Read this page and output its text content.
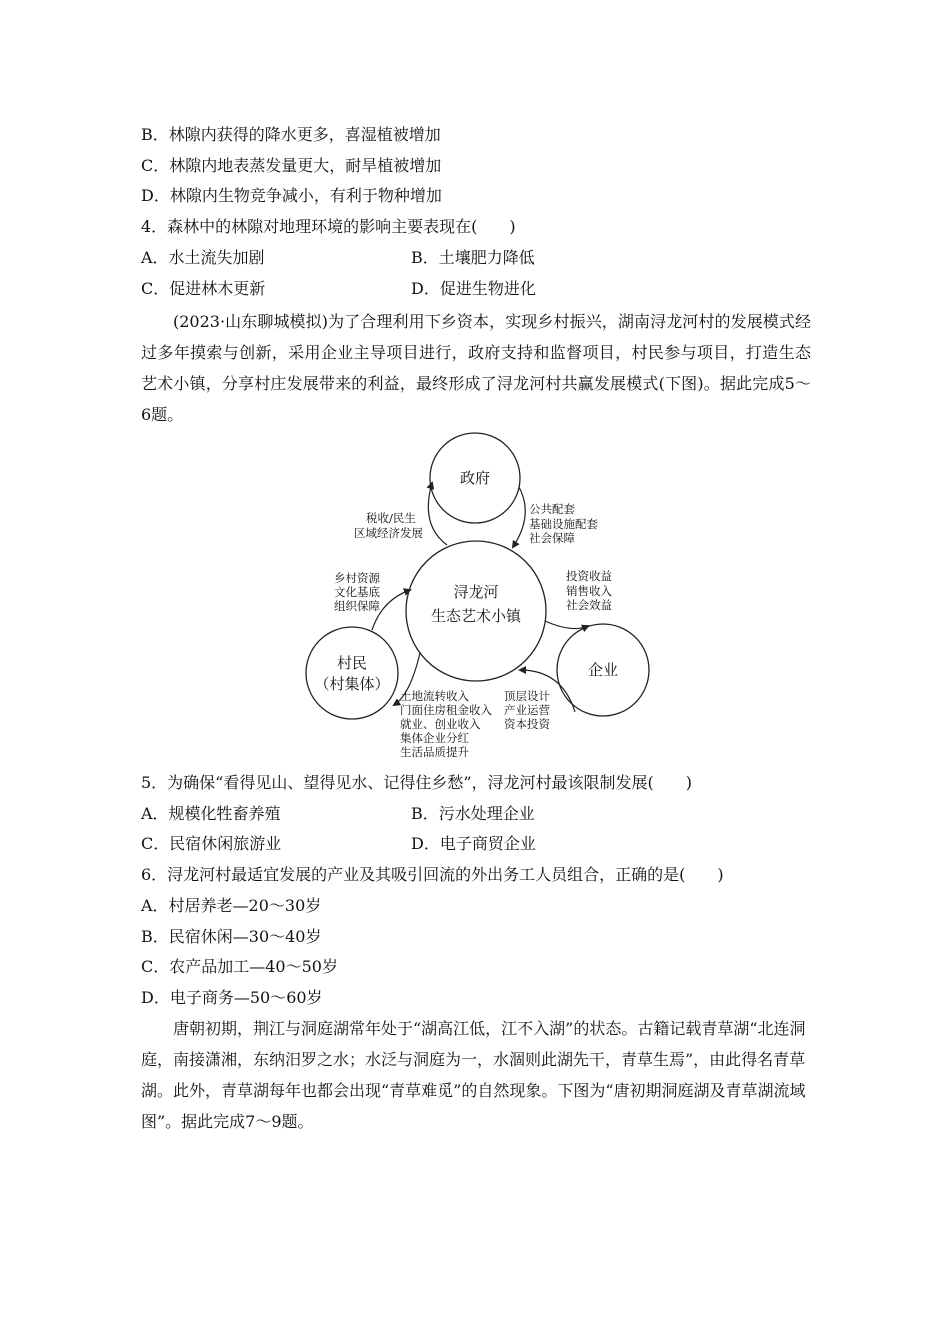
B．林隙内获得的降水更多，喜湿植被增加
C．林隙内地表蒸发量更大，耐旱植被增加
D．林隙内生物竞争减小，有利于物种增加
4．森林中的林隙对地理环境的影响主要表现在(　　)
A．水土流失加剧	B．土壤肥力降低
C．促进林木更新	D．促进生物进化
(2023·山东聊城模拟)为了合理利用下乡资本，实现乡村振兴，湖南浔龙河村的发展模式经过多年摸索与创新，采用企业主导项目进行，政府支持和监督项目，村民参与项目，打造生态艺术小镇，分享村庄发展带来的利益，最终形成了浔龙河村共赢发展模式(下图)。据此完成5～6题。
政府
浔龙河
生态艺术小镇
村民
（村集体）
企业
税收/民生
区域经济发展
公共配套
基础设施配套
社会保障
乡村资源
文化基底
组织保障
投资收益
销售收入
社会效益
顶层设计
产业运营
资本投资
土地流转收入
门面住房租金收入
就业、创业收入
集体企业分红
生活品质提升
5．为确保“看得见山、望得见水、记得住乡愁”，浔龙河村最该限制发展(　　)
A．规模化牲畜养殖	B．污水处理企业
C．民宿休闲旅游业	D．电子商贸企业
6．浔龙河村最适宜发展的产业及其吸引回流的外出务工人员组合，正确的是(　　)
A．村居养老—20～30岁
B．民宿休闲—30～40岁
C．农产品加工—40～50岁
D．电子商务—50～60岁
唐朝初期，荆江与洞庭湖常年处于“湖高江低，江不入湖”的状态。古籍记载青草湖“北连洞庭，南接潇湘，东纳汨罗之水；水泛与洞庭为一，水涸则此湖先干，青草生焉”，由此得名青草湖。此外，青草湖每年也都会出现“青草难觅”的自然现象。下图为“唐初期洞庭湖及青草湖流域图”。据此完成7～9题。
